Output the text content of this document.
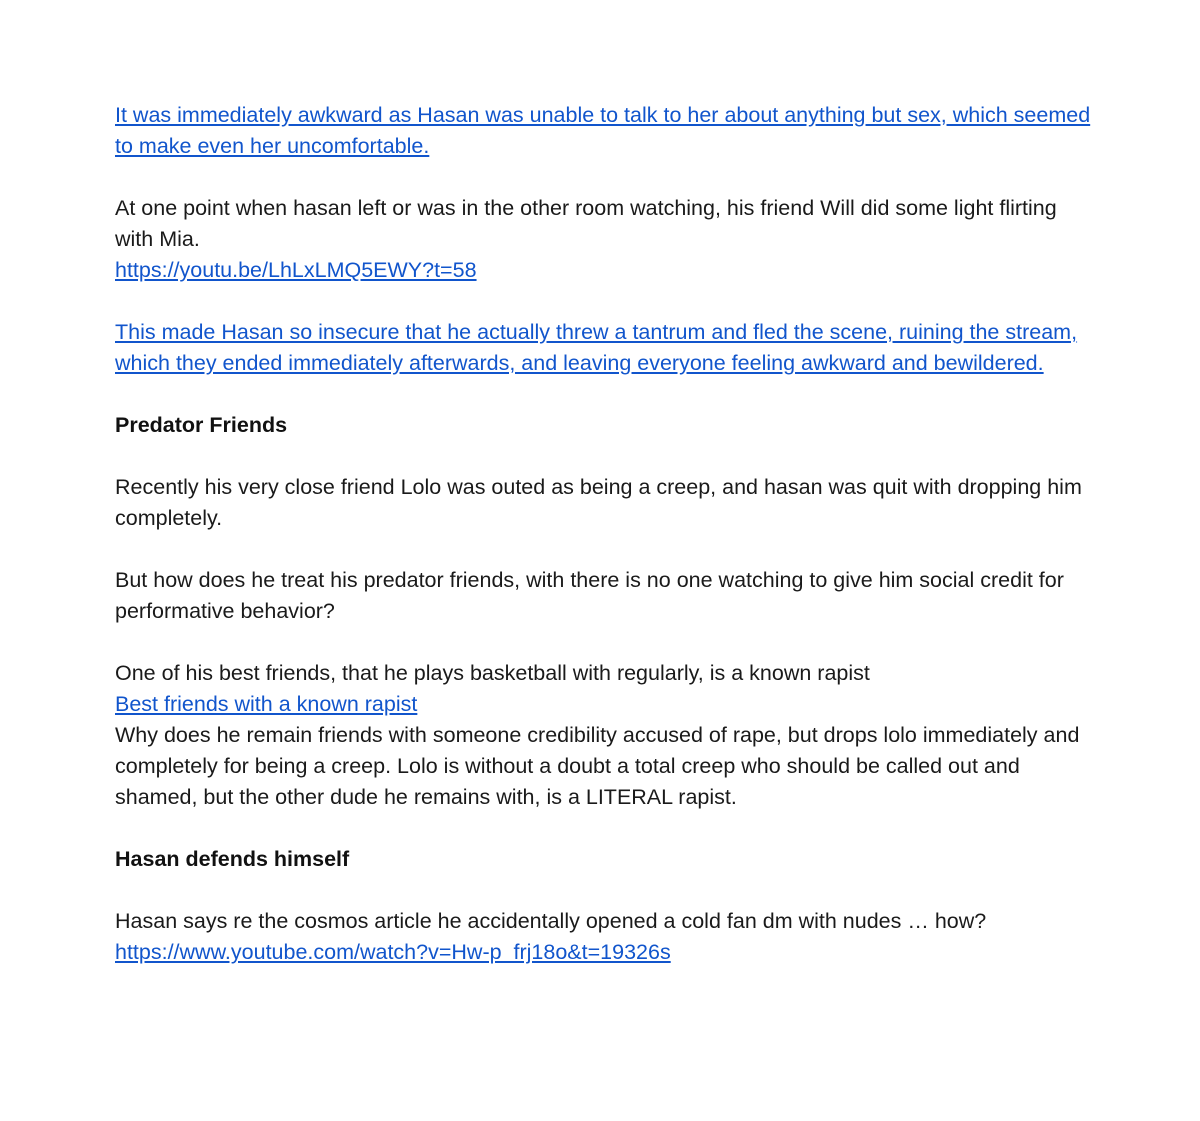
It was immediately awkward as Hasan was unable to talk to her about anything but sex, which seemed to make even her uncomfortable.

At one point when hasan left or was in the other room watching, his friend Will did some light flirting with Mia.
https://youtu.be/LhLxLMQ5EWY?t=58

This made Hasan so insecure that he actually threw a tantrum and fled the scene, ruining the stream, which they ended immediately afterwards, and leaving everyone feeling awkward and bewildered.

Predator Friends

Recently his very close friend Lolo was outed as being a creep, and hasan was quit with dropping him completely.

But how does he treat his predator friends, with there is no one watching to give him social credit for performative behavior?

One of his best friends, that he plays basketball with regularly, is a known rapist
Best friends with a known rapist
Why does he remain friends with someone credibility accused of rape, but drops lolo immediately and completely for being a creep. Lolo is without a doubt a total creep who should be called out and shamed, but the other dude he remains with, is a LITERAL rapist.

Hasan defends himself

Hasan says re the cosmos article he accidentally opened a cold fan dm with nudes … how?
https://www.youtube.com/watch?v=Hw-p_frj18o&t=19326s
